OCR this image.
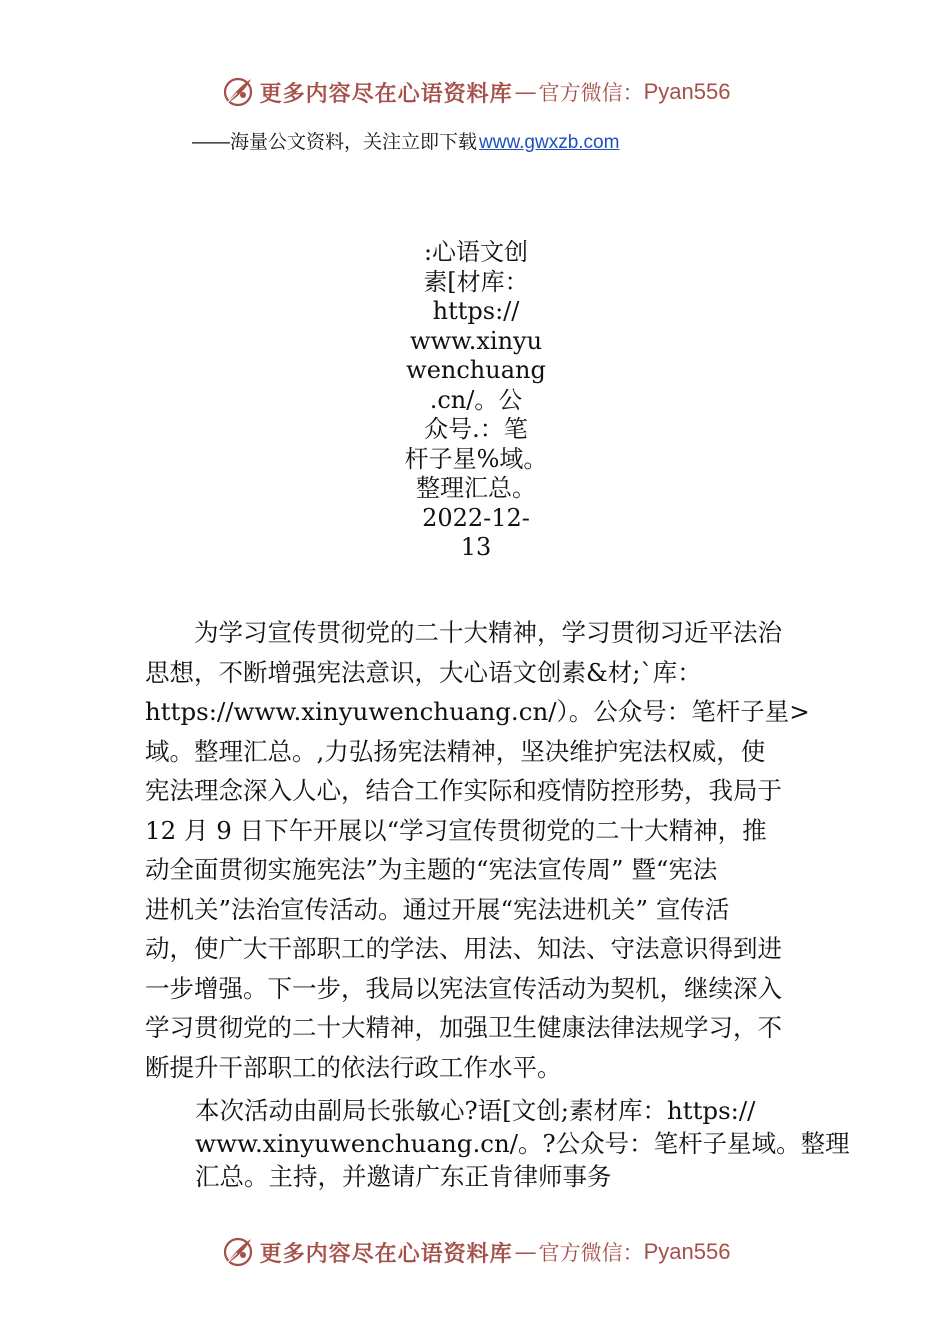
更多内容尽在心语资料库 — 官方微信： Pyan556
——海量公文资料，关注立即下载 www.gwxzb.com
:心语文创
素[材库：
https://
www.xinyu
wenchuang
.cn/。公
众号.：笔
杆子星%域。
整理汇总。
2022-12-
13
　　为学习宣传贯彻党的二十大精神，学习贯彻习近平法治
思想，不断增强宪法意识，大心语文创素&材;`库：
https://www.xinyuwenchuang.cn/）。公众号：笔杆子星>
域。整理汇总。,力弘扬宪法精神，坚决维护宪法权威，使
宪法理念深入人心，结合工作实际和疫情防控形势，我局于
12 月 9 日下午开展以“学习宣传贯彻党的二十大精神，推
动全面贯彻实施宪法”为主题的“宪法宣传周” 暨“宪法
进机关”法治宣传活动。通过开展“宪法进机关” 宣传活
动，使广大干部职工的学法、用法、知法、守法意识得到进
一步增强。下一步，我局以宪法宣传活动为契机，继续深入
学习贯彻党的二十大精神，加强卫生健康法律法规学习，不
断提升干部职工的依法行政工作水平。
本次活动由副局长张敏心?语[文创;素材库：https://
www.xinyuwenchuang.cn/。?公众号：笔杆子星域。整理
汇总。主持，并邀请广东正肯律师事务
更多内容尽在心语资料库 — 官方微信： Pyan556
